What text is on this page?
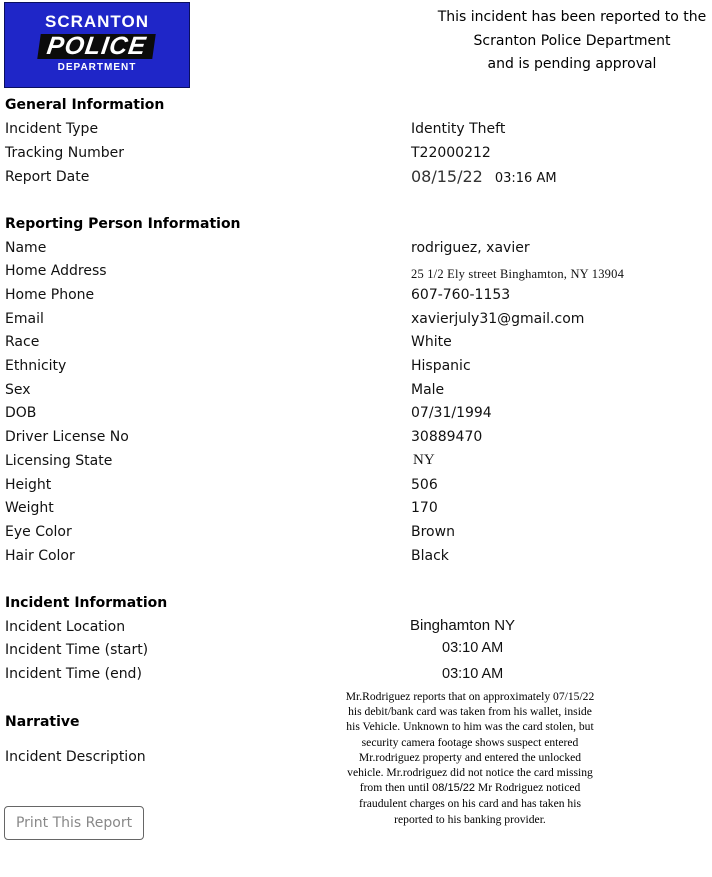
SCRANTON
POLICE
DEPARTMENT
This incident has been reported to the
Scranton Police Department
and is pending approval
General Information
Incident Type	Identity Theft
Tracking Number	T22000212
Report Date	08/15/22 03:16 AM
Reporting Person Information
Name	rodriguez, xavier
Home Address	25 1/2 Ely street Binghamton, NY 13904
Home Phone	607-760-1153
Email	xavierjuly31@gmail.com
Race	White
Ethnicity	Hispanic
Sex	Male
DOB	07/31/1994
Driver License No	30889470
Licensing State	NY
Height	506
Weight	170
Eye Color	Brown
Hair Color	Black
Incident Information
Incident Location	Binghamton NY
Incident Time (start)	03:10 AM
Incident Time (end)	03:10 AM
Narrative
Incident Description
Mr.Rodriguez reports that on approximately 07/15/22 his debit/bank card was taken from his wallet, inside his Vehicle. Unknown to him was the card stolen, but security camera footage shows suspect entered Mr.rodriguez property and entered the unlocked vehicle. Mr.rodriguez did not notice the card missing from then until 08/15/22 Mr Rodriguez noticed fraudulent charges on his card and has taken his reported to his banking provider.
Print This Report
